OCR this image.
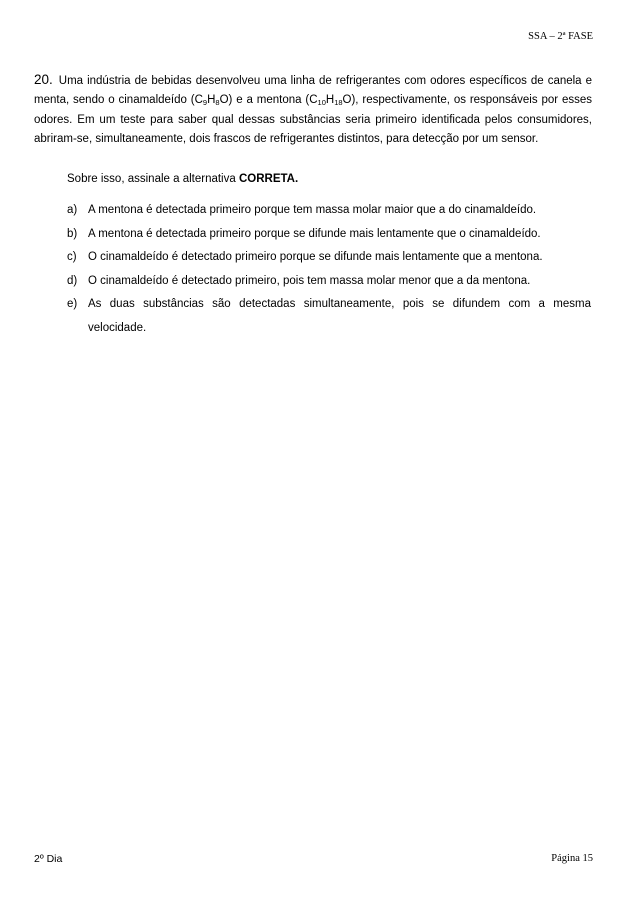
SSA – 2ª FASE
20. Uma indústria de bebidas desenvolveu uma linha de refrigerantes com odores específicos de canela e menta, sendo o cinamaldeído $(C_9H_8O)$ e a mentona $(C_{10}H_{18}O)$, respectivamente, os responsáveis por esses odores. Em um teste para saber qual dessas substâncias seria primeiro identificada pelos consumidores, abriram-se, simultaneamente, dois frascos de refrigerantes distintos, para detecção por um sensor.
Sobre isso, assinale a alternativa CORRETA.
a) A mentona é detectada primeiro porque tem massa molar maior que a do cinamaldeído.
b) A mentona é detectada primeiro porque se difunde mais lentamente que o cinamaldeído.
c) O cinamaldeído é detectado primeiro porque se difunde mais lentamente que a mentona.
d) O cinamaldeído é detectado primeiro, pois tem massa molar menor que a da mentona.
e) As duas substâncias são detectadas simultaneamente, pois se difundem com a mesma velocidade.
2º Dia	Página 15
